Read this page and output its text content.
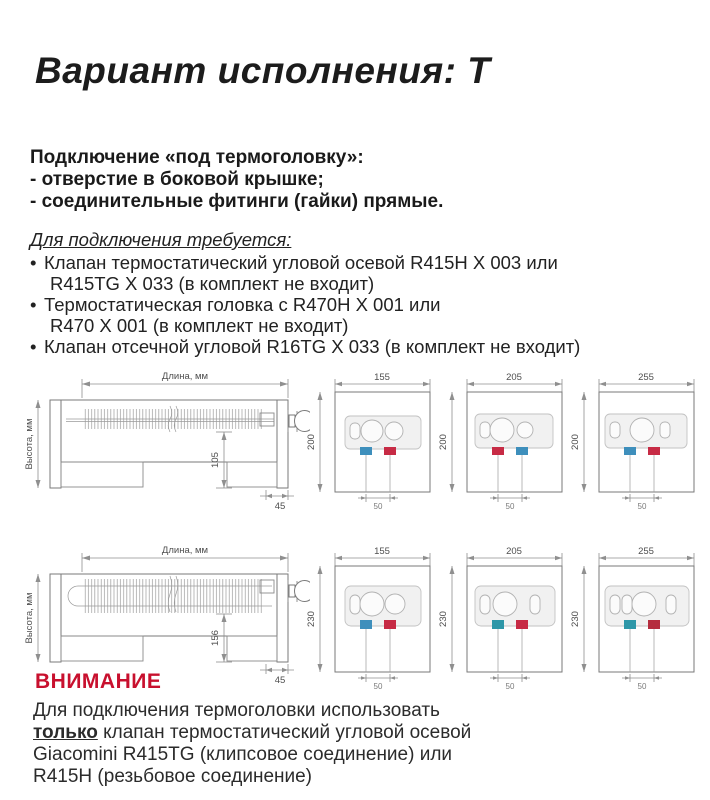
Вариант исполнения: Т
Подключение «под термоголовку»:
- отверстие в боковой крышке;
- соединительные фитинги (гайки) прямые.
Для подключения требуется:
• Клапан термостатический угловой осевой R415H X 003 или
R415TG X 033 (в комплект не входит)
• Термостатическая головка с R470H X 001 или
R470 X 001 (в комплект не входит)
• Клапан отсечной угловой R16TG X 033 (в комплект не входит)
Длина, мм
Высота, мм	105
45
155
200
50
205
200
50
255
200
50
Длина, мм
Высота, мм	156
45
155
230
50
205
230
50
255
230
50
ВНИМАНИЕ
Для подключения термоголовки использовать
только клапан термостатический угловой осевой
Giacomini R415TG (клипсовое соединение) или
R415H (резьбовое соединение)
